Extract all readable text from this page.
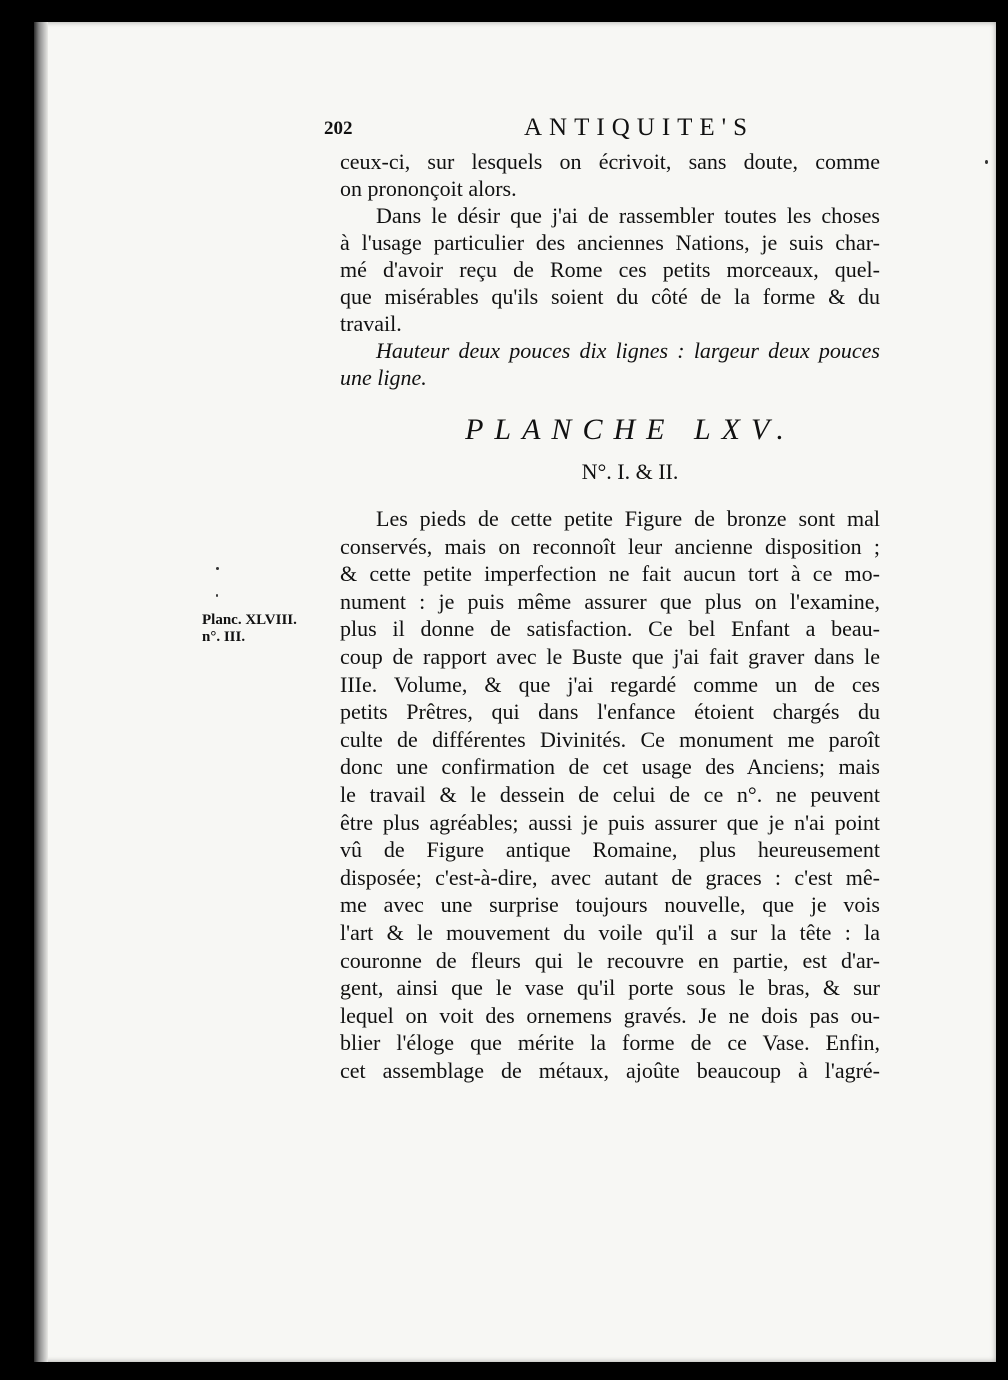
Planc. XLVIII.
n°. III.
202	ANTIQUITE'S
ceux-ci, sur lesquels on écrivoit, sans doute, comme
on prononçoit alors.
Dans le désir que j'ai de rassembler toutes les choses
à l'usage particulier des anciennes Nations, je suis char-
mé d'avoir reçu de Rome ces petits morceaux, quel-
que misérables qu'ils soient du côté de la forme & du
travail.
Hauteur deux pouces dix lignes : largeur deux pouces
une ligne.
PLANCHE LXV.
N°. I. & II.
Les pieds de cette petite Figure de bronze sont mal
conservés, mais on reconnoît leur ancienne disposition ;
& cette petite imperfection ne fait aucun tort à ce mo-
nument : je puis même assurer que plus on l'examine,
plus il donne de satisfaction. Ce bel Enfant a beau-
coup de rapport avec le Buste que j'ai fait graver dans le
IIIe. Volume, & que j'ai regardé comme un de ces
petits Prêtres, qui dans l'enfance étoient chargés du
culte de différentes Divinités. Ce monument me paroît
donc une confirmation de cet usage des Anciens; mais
le travail & le dessein de celui de ce n°. ne peuvent
être plus agréables; aussi je puis assurer que je n'ai point
vû de Figure antique Romaine, plus heureusement
disposée; c'est-à-dire, avec autant de graces : c'est mê-
me avec une surprise toujours nouvelle, que je vois
l'art & le mouvement du voile qu'il a sur la tête : la
couronne de fleurs qui le recouvre en partie, est d'ar-
gent, ainsi que le vase qu'il porte sous le bras, & sur
lequel on voit des ornemens gravés. Je ne dois pas ou-
blier l'éloge que mérite la forme de ce Vase. Enfin,
cet assemblage de métaux, ajoûte beaucoup à l'agré-
